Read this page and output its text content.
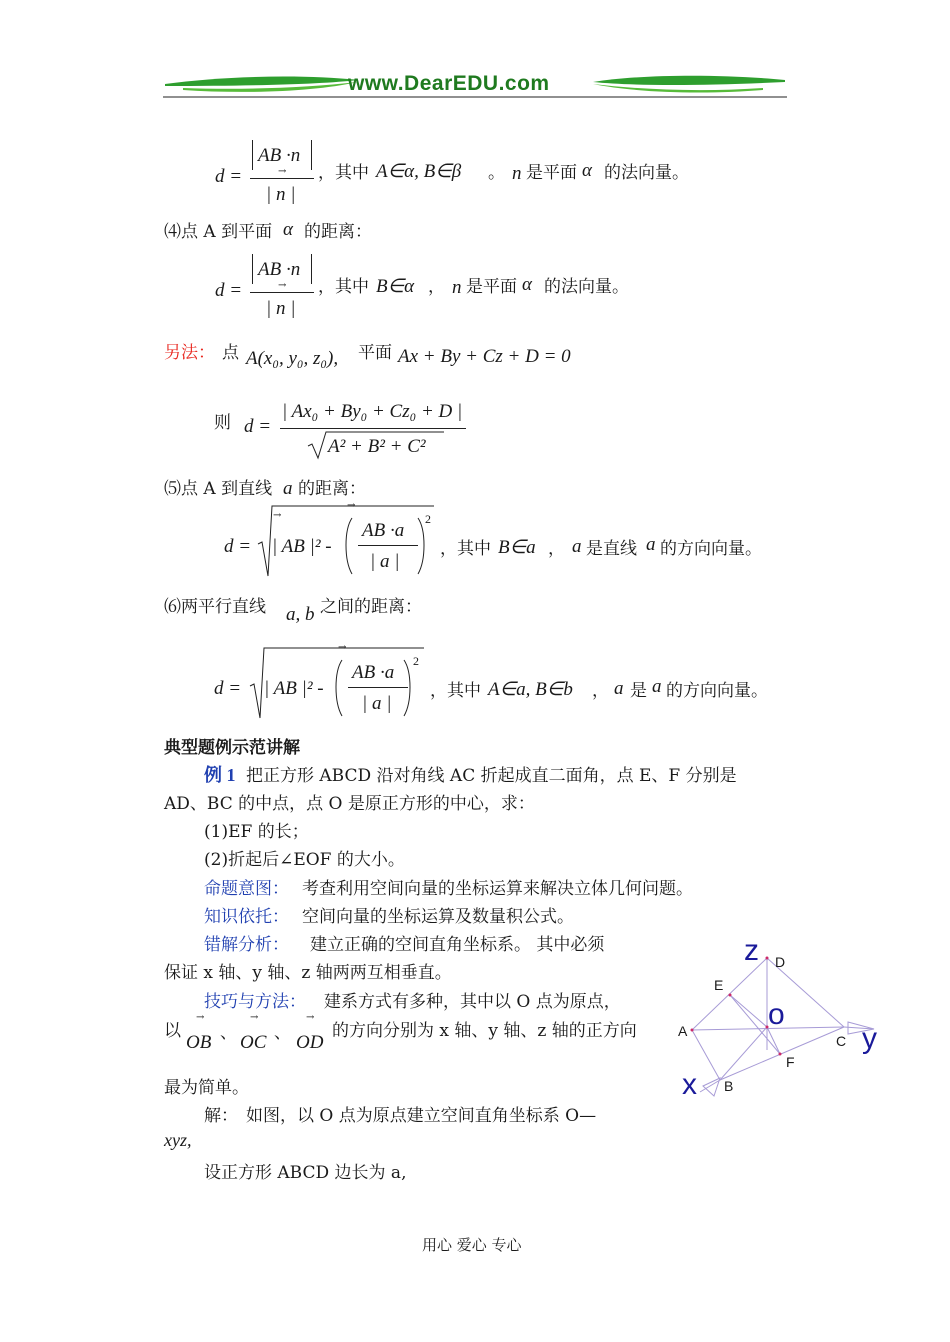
www.DearEDU.com
d =
AB ·n
→
| n |
，其中 A∈α, B∈β 。 n 是平面 α 的法向量。
⑷点 A 到平面 α 的距离：
d =
AB ·n
→
| n |
，其中 B∈α ， n 是平面 α 的法向量。
另法： 点 A(x₀, y₀, z₀), 平面 Ax + By + Cz + D = 0
则 d =
| Ax₀ + By₀ + Cz₀ + D |
A² + B² + C²
⑸点 A 到直线 a 的距离：
d =
→
| AB |² -
→
AB ·a
| a |
2
，其中 B∈a ， a 是直线 a 的方向向量。
⑹两平行直线 a, b 之间的距离：
d = | AB |² -
→
AB ·a
| a |
2
，其中 A∈a, B∈b ， a 是 a 的方向向量。
典型题例示范讲解
例 1 把正方形 ABCD 沿对角线 AC 折起成直二面角，点 E、F 分别是
AD、BC 的中点，点 O 是原正方形的中心，求：
(1)EF 的长；
(2)折起后∠EOF 的大小。
命题意图： 考查利用空间向量的坐标运算来解决立体几何问题。
知识依托： 空间向量的坐标运算及数量积公式。
错解分析： 建立正确的空间直角坐标系。 其中必须
保证 x 轴、y 轴、z 轴两两互相垂直。
技巧与方法： 建系方式有多种，其中以 O 点为原点，
以
→
OB 、
→
OC 、
→
OD
的方向分别为 x 轴、y 轴、z 轴的正方向
最为简单。
解： 如图，以 O 点为原点建立空间直角坐标系 O—
xyz,
设正方形 ABCD 边长为 a,
z D
E
A	o
C y
F
x B
用心 爱心 专心
